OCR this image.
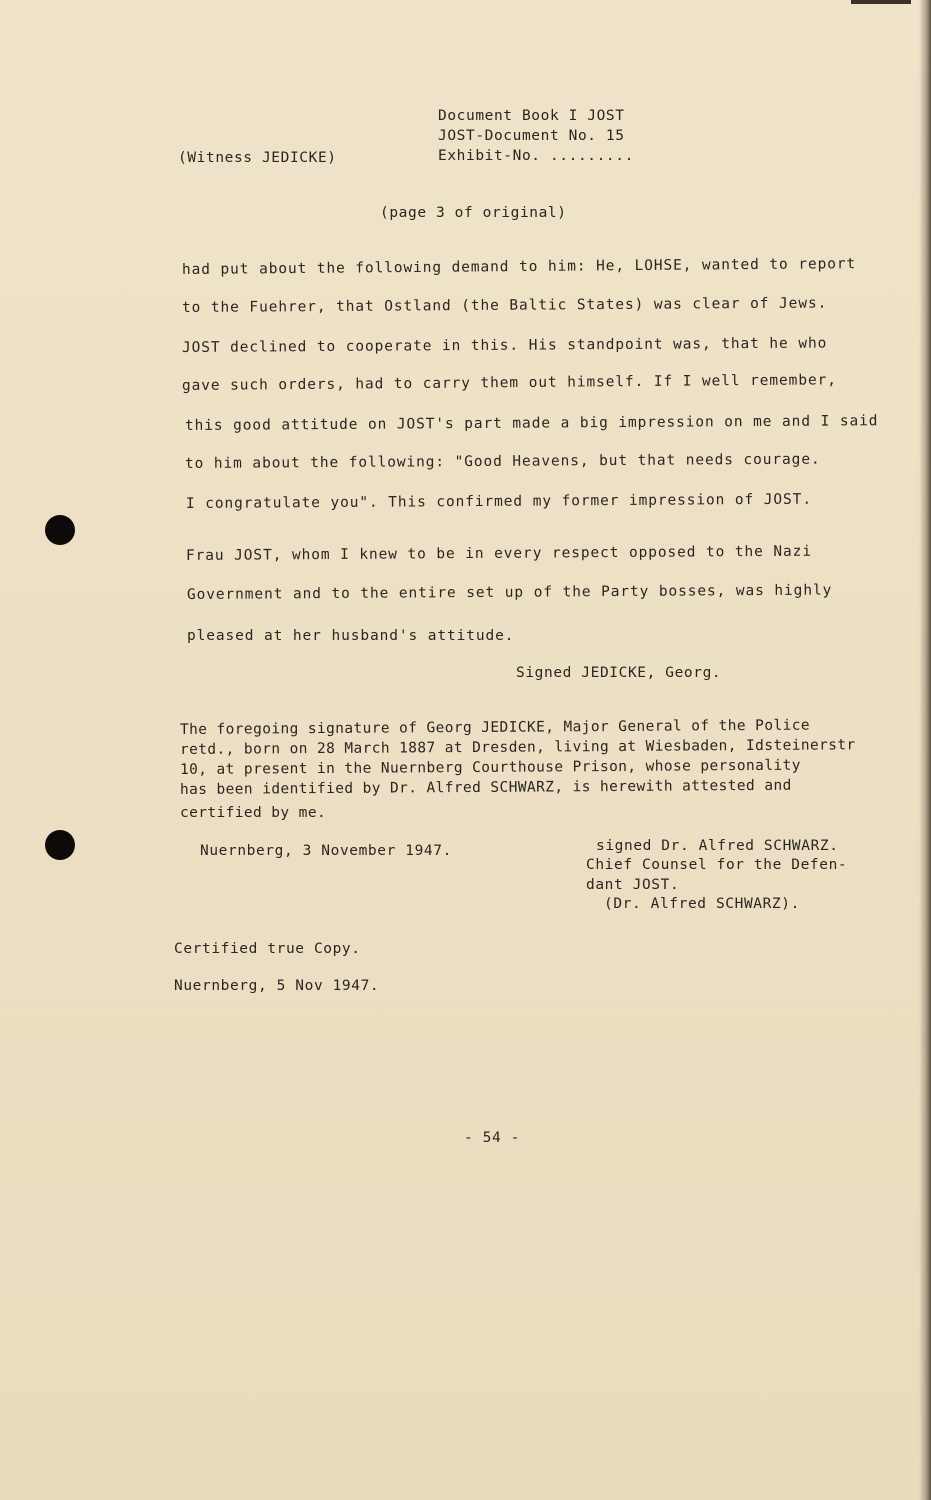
Document Book I JOST
JOST-Document No. 15
Exhibit-No. .........
(Witness JEDICKE)
(page 3 of original)
had put about the following demand to him: He, LOHSE, wanted to report
to the Fuehrer, that Ostland (the Baltic States) was clear of Jews.
JOST declined to cooperate in this. His standpoint was, that he who
gave such orders, had to carry them out himself. If I well remember,
this good attitude on JOST's part made a big impression on me and I said
to him about the following: "Good Heavens, but that needs courage.
I congratulate you". This confirmed my former impression of JOST.
Frau JOST, whom I knew to be in every respect opposed to the Nazi
Government and to the entire set up of the Party bosses, was highly
pleased at her husband's attitude.
Signed JEDICKE, Georg.
The foregoing signature of Georg JEDICKE, Major General of the Police
retd., born on 28 March 1887 at Dresden, living at Wiesbaden, Idsteinerstr
10, at present in the Nuernberg Courthouse Prison, whose personality
has been identified by Dr. Alfred SCHWARZ, is herewith attested and
certified by me.
Nuernberg, 3 November 1947.	signed Dr. Alfred SCHWARZ.
Chief Counsel for the Defen-
dant JOST.
(Dr. Alfred SCHWARZ).
Certified true Copy.
Nuernberg, 5 Nov 1947.
- 54 -
